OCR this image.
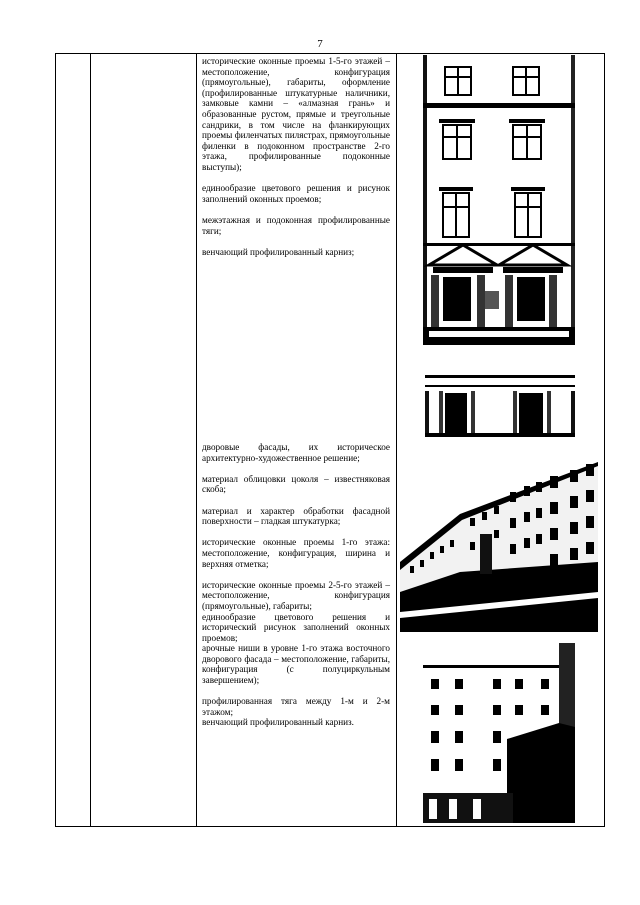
7

исторические оконные проемы 1-5-го этажей – местоположение, конфигурация (прямоугольные), габариты, оформление (профилированные штукатурные наличники, замковые камни – «алмазная грань» и образованные рустом, прямые и треугольные сандрики, в том числе на фланкирующих проемы филенчатых пилястрах, прямоугольные филенки в подоконном пространстве 2-го этажа, профилированные подоконные выступы);

единообразие цветового решения и рисунок заполнений оконных проемов;

межэтажная и подоконная профилированные тяги;

венчающий профилированный карниз;

дворовые фасады, их историческое архитектурно-художественное решение;

материал облицовки цоколя – известняковая скоба;

материал и характер обработки фасадной поверхности – гладкая штукатурка;

исторические оконные проемы 1-го этажа: местоположение, конфигурация, ширина и верхняя отметка;

исторические оконные проемы 2-5-го этажей – местоположение, конфигурация (прямоугольные), габариты;

единообразие цветового решения и исторический рисунок заполнений оконных проемов;

арочные ниши в уровне 1-го этажа восточного дворового фасада – местоположение, габариты, конфигурация (с полуциркульным завершением);

профилированная тяга между 1-м и 2-м этажом;

венчающий профилированный карниз.
